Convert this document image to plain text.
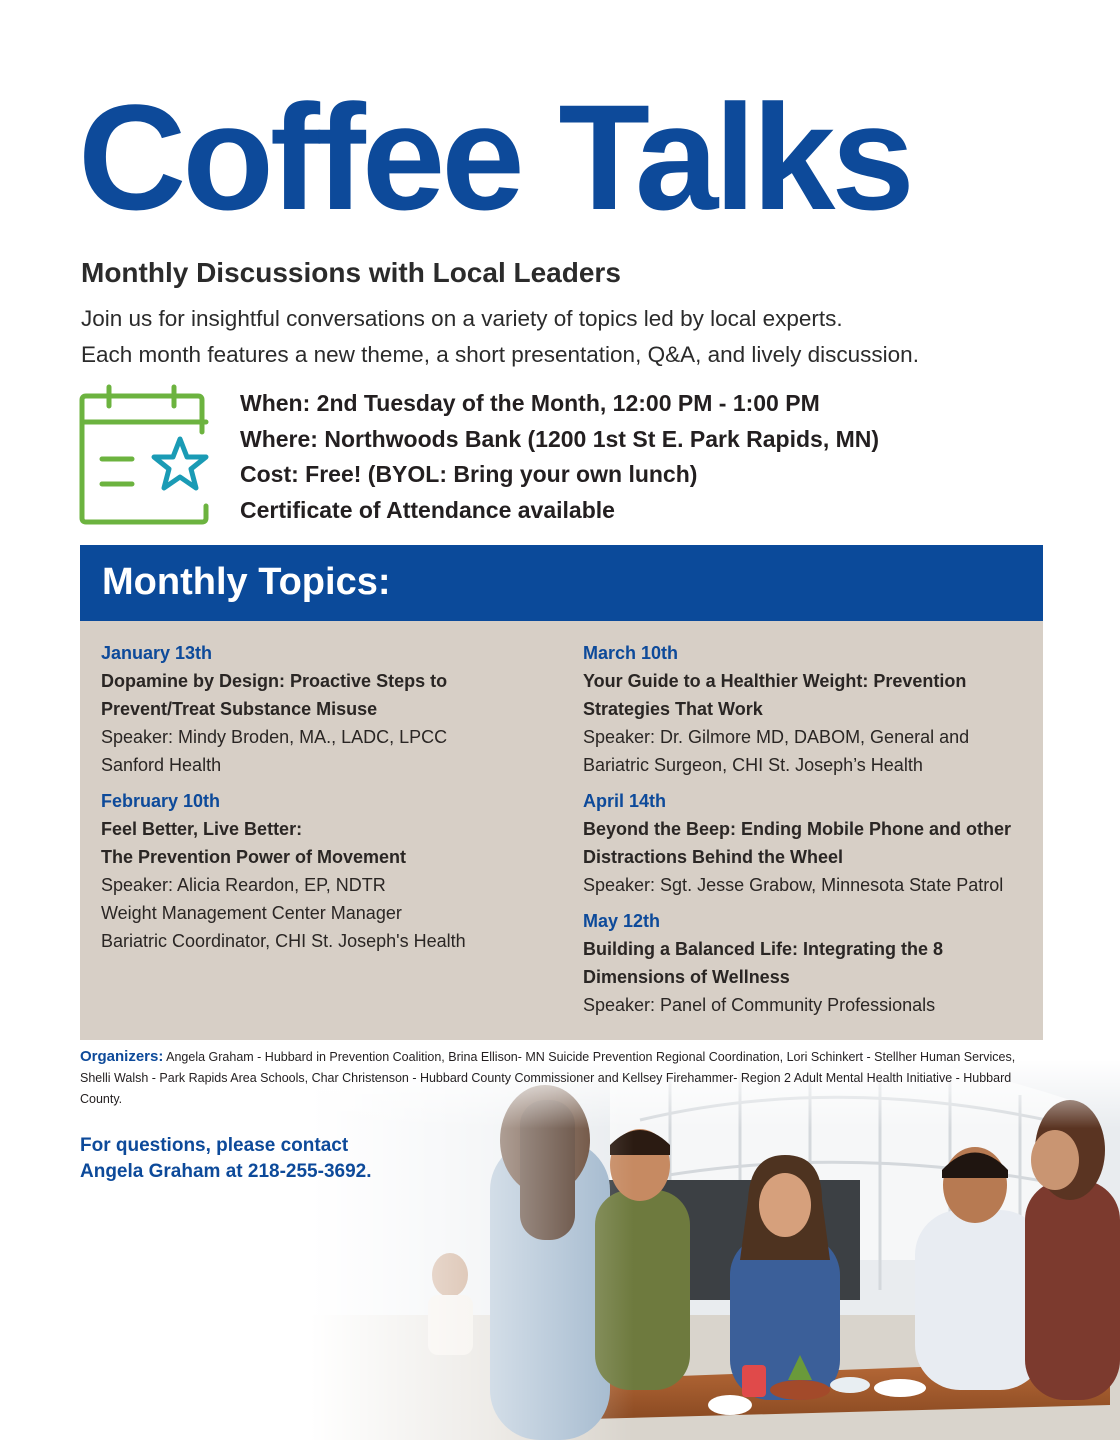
Coffee Talks
Monthly Discussions with Local Leaders
Join us for insightful conversations on a variety of topics led by local experts.
Each month features a new theme, a short presentation, Q&A, and lively discussion.
When: 2nd Tuesday of the Month, 12:00 PM - 1:00 PM
Where: Northwoods Bank (1200 1st St E. Park Rapids, MN)
Cost: Free! (BYOL: Bring your own lunch)
Certificate of Attendance available
Monthly Topics:
January 13th
Dopamine by Design: Proactive Steps to
Prevent/Treat Substance Misuse
Speaker: Mindy Broden, MA., LADC, LPCC
Sanford Health
February 10th
Feel Better, Live Better:
The Prevention Power of Movement
Speaker: Alicia Reardon, EP, NDTR
Weight Management Center Manager
Bariatric Coordinator, CHI St. Joseph's Health
March 10th
Your Guide to a Healthier Weight: Prevention
Strategies That Work
Speaker: Dr. Gilmore MD, DABOM, General and
Bariatric Surgeon, CHI St. Joseph’s Health
April 14th
Beyond the Beep: Ending Mobile Phone and other
Distractions Behind the Wheel
Speaker: Sgt. Jesse Grabow, Minnesota State Patrol
May 12th
Building a Balanced Life: Integrating the 8
Dimensions of Wellness
Speaker: Panel of Community Professionals
Organizers: Angela Graham - Hubbard in Prevention Coalition, Brina Ellison- MN Suicide Prevention Regional Coordination, Lori Schinkert - Stellher Human Services, Shelli Walsh - Park Rapids Area Schools, Char Christenson - Hubbard County Commissioner and Kellsey Firehammer- Region 2 Adult Mental Health Initiative - Hubbard County.
For questions, please contact
Angela Graham at 218-255-3692.
